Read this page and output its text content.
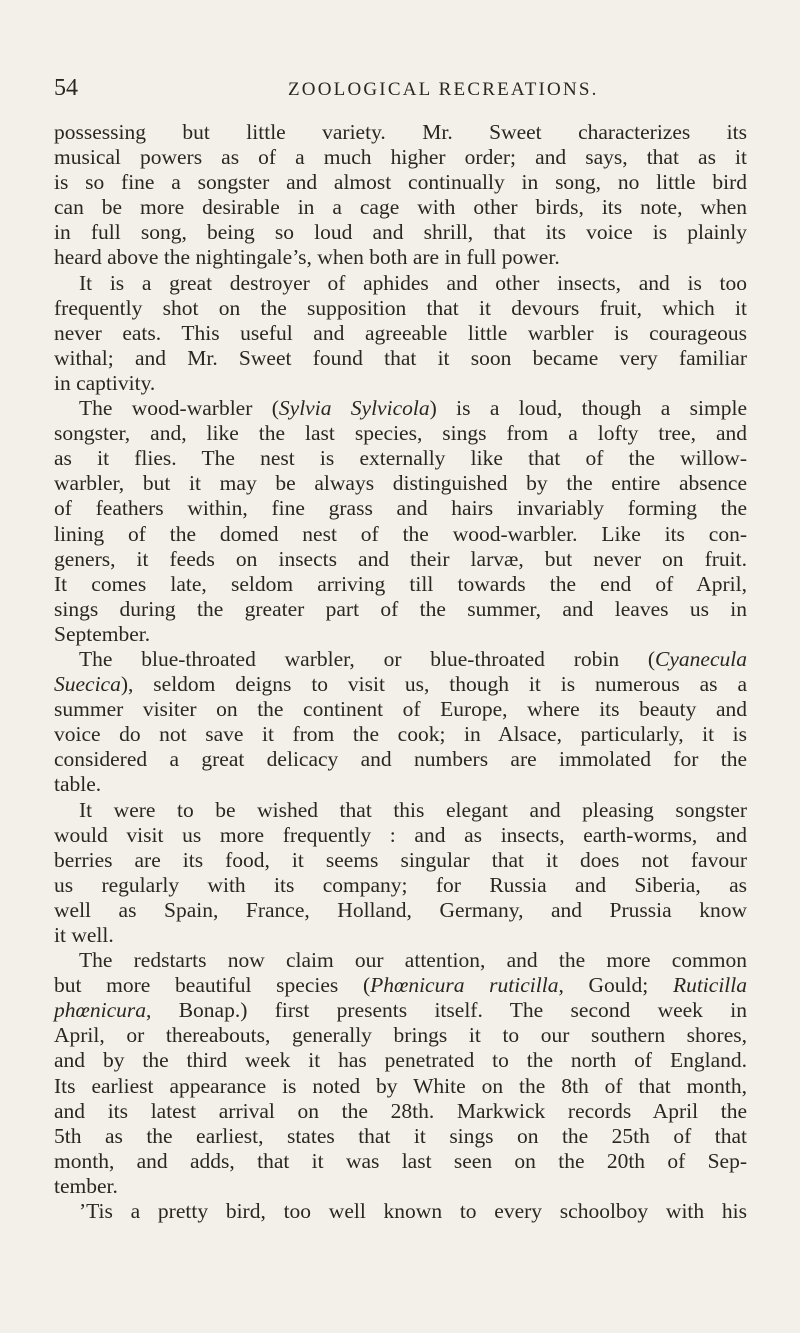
54	ZOOLOGICAL RECREATIONS.
possessing but little variety. Mr. Sweet characterizes its
musical powers as of a much higher order; and says, that as it
is so fine a songster and almost continually in song, no little bird
can be more desirable in a cage with other birds, its note, when
in full song, being so loud and shrill, that its voice is plainly
heard above the nightingale’s, when both are in full power.
It is a great destroyer of aphides and other insects, and is too
frequently shot on the supposition that it devours fruit, which it
never eats. This useful and agreeable little warbler is courageous
withal; and Mr. Sweet found that it soon became very familiar
in captivity.
The wood-warbler (Sylvia Sylvicola) is a loud, though a simple
songster, and, like the last species, sings from a lofty tree, and
as it flies. The nest is externally like that of the willow-
warbler, but it may be always distinguished by the entire absence
of feathers within, fine grass and hairs invariably forming the
lining of the domed nest of the wood-warbler. Like its con-
geners, it feeds on insects and their larvæ, but never on fruit.
It comes late, seldom arriving till towards the end of April,
sings during the greater part of the summer, and leaves us in
September.
The blue-throated warbler, or blue-throated robin (Cyanecula
Suecica), seldom deigns to visit us, though it is numerous as a
summer visiter on the continent of Europe, where its beauty and
voice do not save it from the cook; in Alsace, particularly, it is
considered a great delicacy and numbers are immolated for the
table.
It were to be wished that this elegant and pleasing songster
would visit us more frequently : and as insects, earth-worms, and
berries are its food, it seems singular that it does not favour
us regularly with its company; for Russia and Siberia, as
well as Spain, France, Holland, Germany, and Prussia know
it well.
The redstarts now claim our attention, and the more common
but more beautiful species (Phœnicura ruticilla, Gould; Ruticilla
phœnicura, Bonap.) first presents itself. The second week in
April, or thereabouts, generally brings it to our southern shores,
and by the third week it has penetrated to the north of England.
Its earliest appearance is noted by White on the 8th of that month,
and its latest arrival on the 28th. Markwick records April the
5th as the earliest, states that it sings on the 25th of that
month, and adds, that it was last seen on the 20th of Sep-
tember.
’Tis a pretty bird, too well known to every schoolboy with his
